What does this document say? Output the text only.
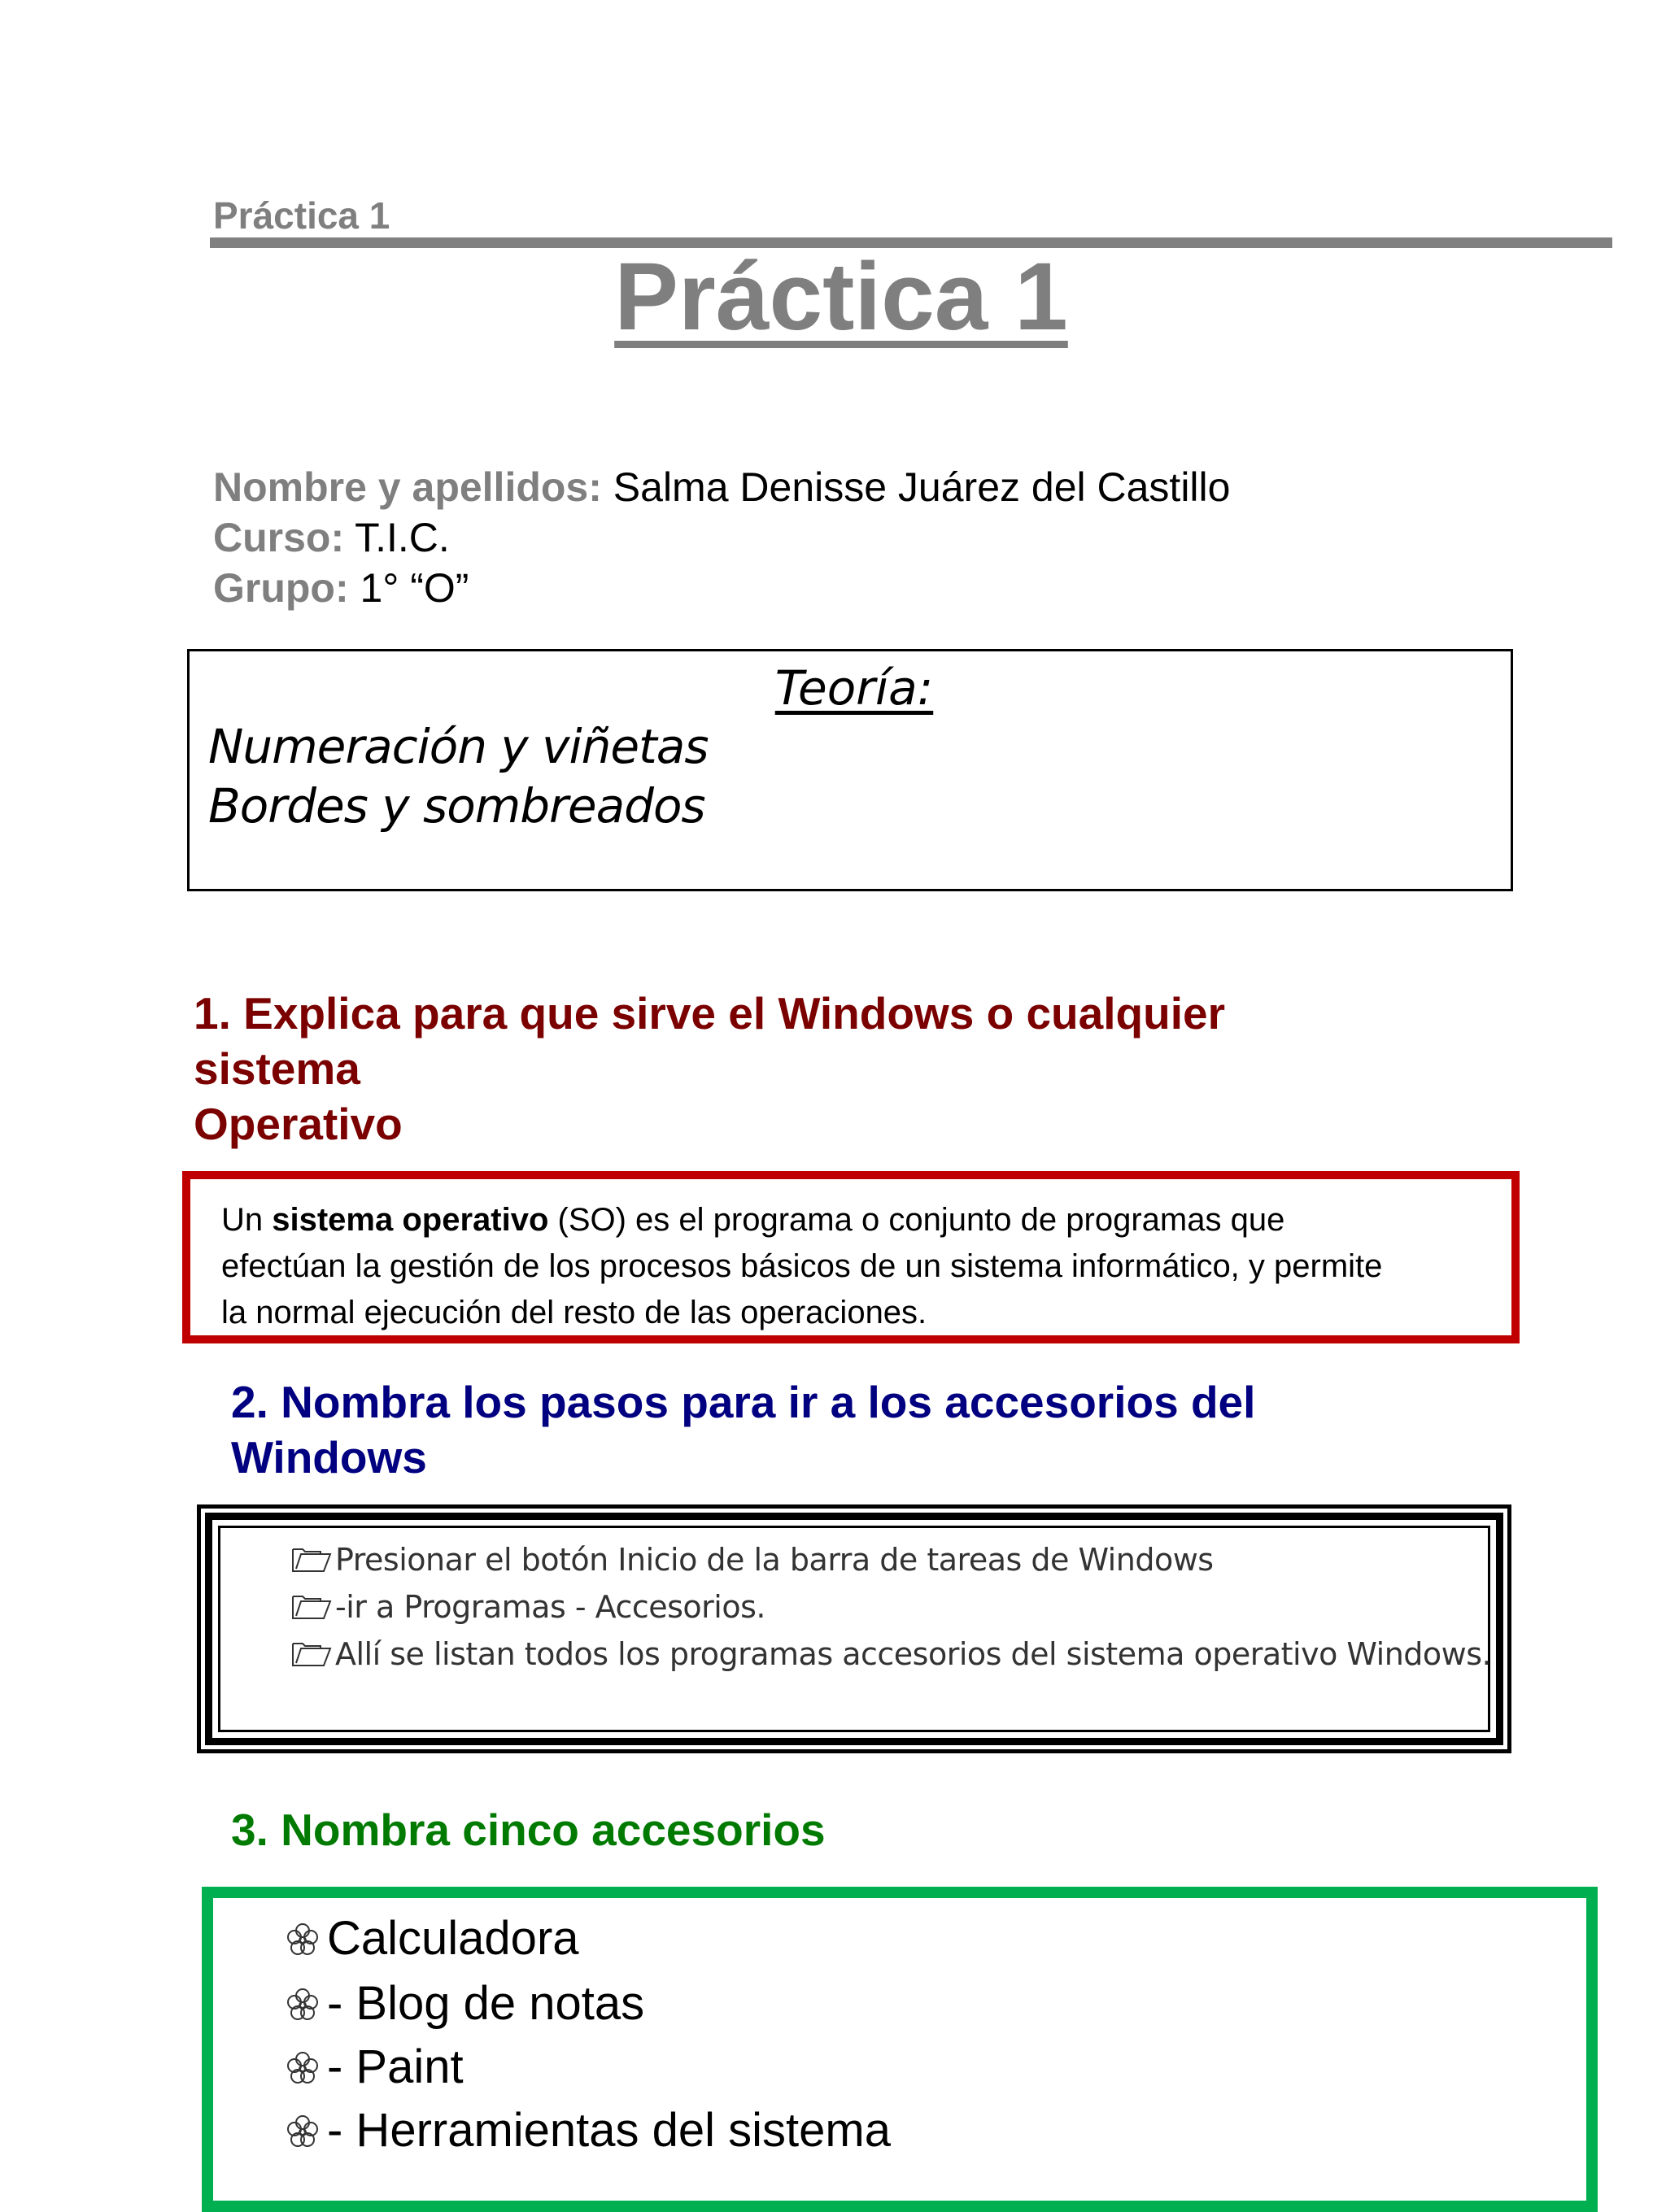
Práctica 1
Práctica 1
Nombre y apellidos: Salma Denisse Juárez del Castillo
Curso: T.I.C.
Grupo: 1° “O”
Teoría:
Numeración y viñetas
Bordes y sombreados
1. Explica para que sirve el Windows o cualquier
sistema
Operativo
Un sistema operativo (SO) es el programa o conjunto de programas que
efectúan la gestión de los procesos básicos de un sistema informático, y permite
la normal ejecución del resto de las operaciones.
2. Nombra los pasos para ir a los accesorios del
Windows
Presionar el botón Inicio de la barra de tareas de Windows
-ir a Programas - Accesorios.
Allí se listan todos los programas accesorios del sistema operativo Windows.
3. Nombra cinco accesorios
Calculadora
- Blog de notas
- Paint
- Herramientas del sistema
